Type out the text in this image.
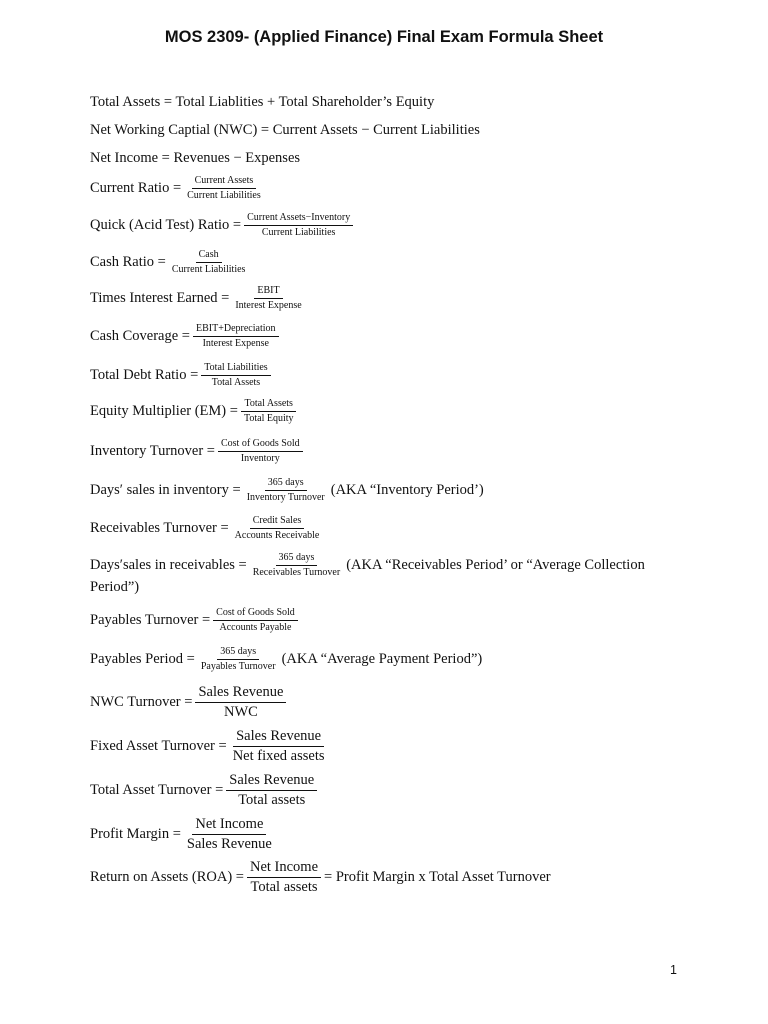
MOS 2309- (Applied Finance) Final Exam Formula Sheet
Total Assets = Total Liablities + Total Shareholder’s Equity
Net Working Captial (NWC) = Current Assets − Current Liabilities
Net Income = Revenues − Expenses
Current Ratio = $\frac{\text{Current Assets}}{\text{Current Liabilities}}$
Quick (Acid Test) Ratio = $\frac{\text{Current Assets−Inventory}}{\text{Current Liabilities}}$
Cash Ratio = $\frac{\text{Cash}}{\text{Current Liabilities}}$
Times Interest Earned = $\frac{\text{EBIT}}{\text{Interest Expense}}$
Cash Coverage = $\frac{\text{EBIT+Depreciation}}{\text{Interest Expense}}$
Total Debt Ratio = $\frac{\text{Total Liabilities}}{\text{Total Assets}}$
Equity Multiplier $(EM) = \frac{\text{Total Assets}}{\text{Total Equity}}$
Inventory Turnover = $\frac{\text{Cost of Goods Sold}}{\text{Inventory}}$
Days′ sales in inventory = $\frac{\text{365 days}}{\text{Inventory Turnover}} (AKA$ “Inventory Period’)
Receivables Turnover = $\frac{\text{Credit Sales}}{\text{Accounts Receivable}}$
Days′sales in receivables = $\frac{\text{365 days}}{\text{Receivables Turnover}} (AKA$ “Receivables Period’ or “Average Collection
Period”)
Payables Turnover = $\frac{\text{Cost of Goods Sold}}{\text{Accounts Payable}}$
Payables Period = $\frac{\text{365 days}}{\text{Payables Turnover}} (AKA$ “Average Payment Period”)
NWC Turnover = $\frac{\text{Sales Revenue}}{\text{NWC}}$
Fixed Asset Turnover = $\frac{\text{Sales Revenue}}{\text{Net fixed assets}}$
Total Asset Turnover = $\frac{\text{Sales Revenue}}{\text{Total assets}}$
Profit Margin = $\frac{\text{Net Income}}{\text{Sales Revenue}}$
Return on Assets $(ROA) = \frac{\text{Net Income}}{\text{Total assets}}$ = Profit Margin x Total Asset Turnover
1
